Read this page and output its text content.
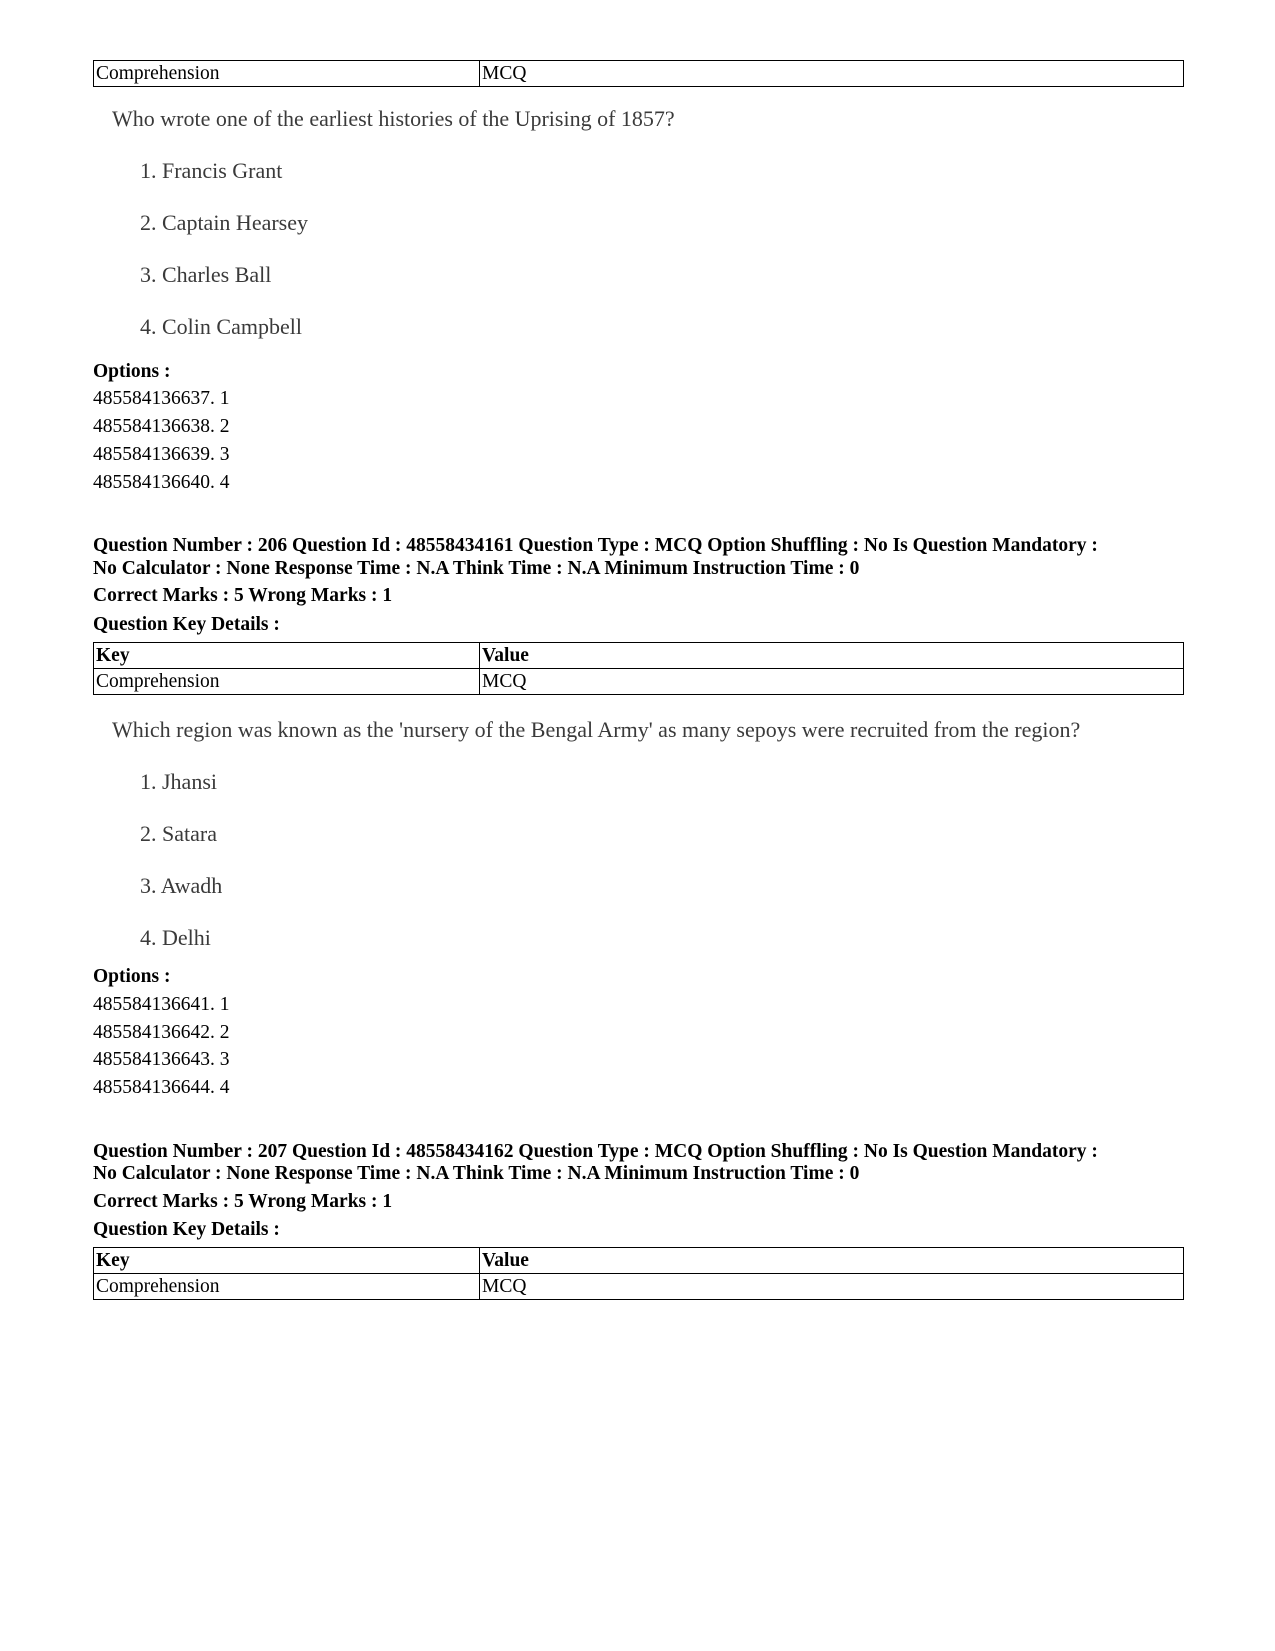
Comprehension	MCQ
Who wrote one of the earliest histories of the Uprising of 1857?
1. Francis Grant
2. Captain Hearsey
3. Charles Ball
4. Colin Campbell
Options :
485584136637. 1
485584136638. 2
485584136639. 3
485584136640. 4
Question Number : 206 Question Id : 48558434161 Question Type : MCQ Option Shuffling : No Is Question Mandatory :
No Calculator : None Response Time : N.A Think Time : N.A Minimum Instruction Time : 0
Correct Marks : 5 Wrong Marks : 1
Question Key Details :
Key	Value
Comprehension	MCQ
Which region was known as the 'nursery of the Bengal Army' as many sepoys were recruited from the region?
1. Jhansi
2. Satara
3. Awadh
4. Delhi
Options :
485584136641. 1
485584136642. 2
485584136643. 3
485584136644. 4
Question Number : 207 Question Id : 48558434162 Question Type : MCQ Option Shuffling : No Is Question Mandatory :
No Calculator : None Response Time : N.A Think Time : N.A Minimum Instruction Time : 0
Correct Marks : 5 Wrong Marks : 1
Question Key Details :
Key	Value
Comprehension	MCQ
